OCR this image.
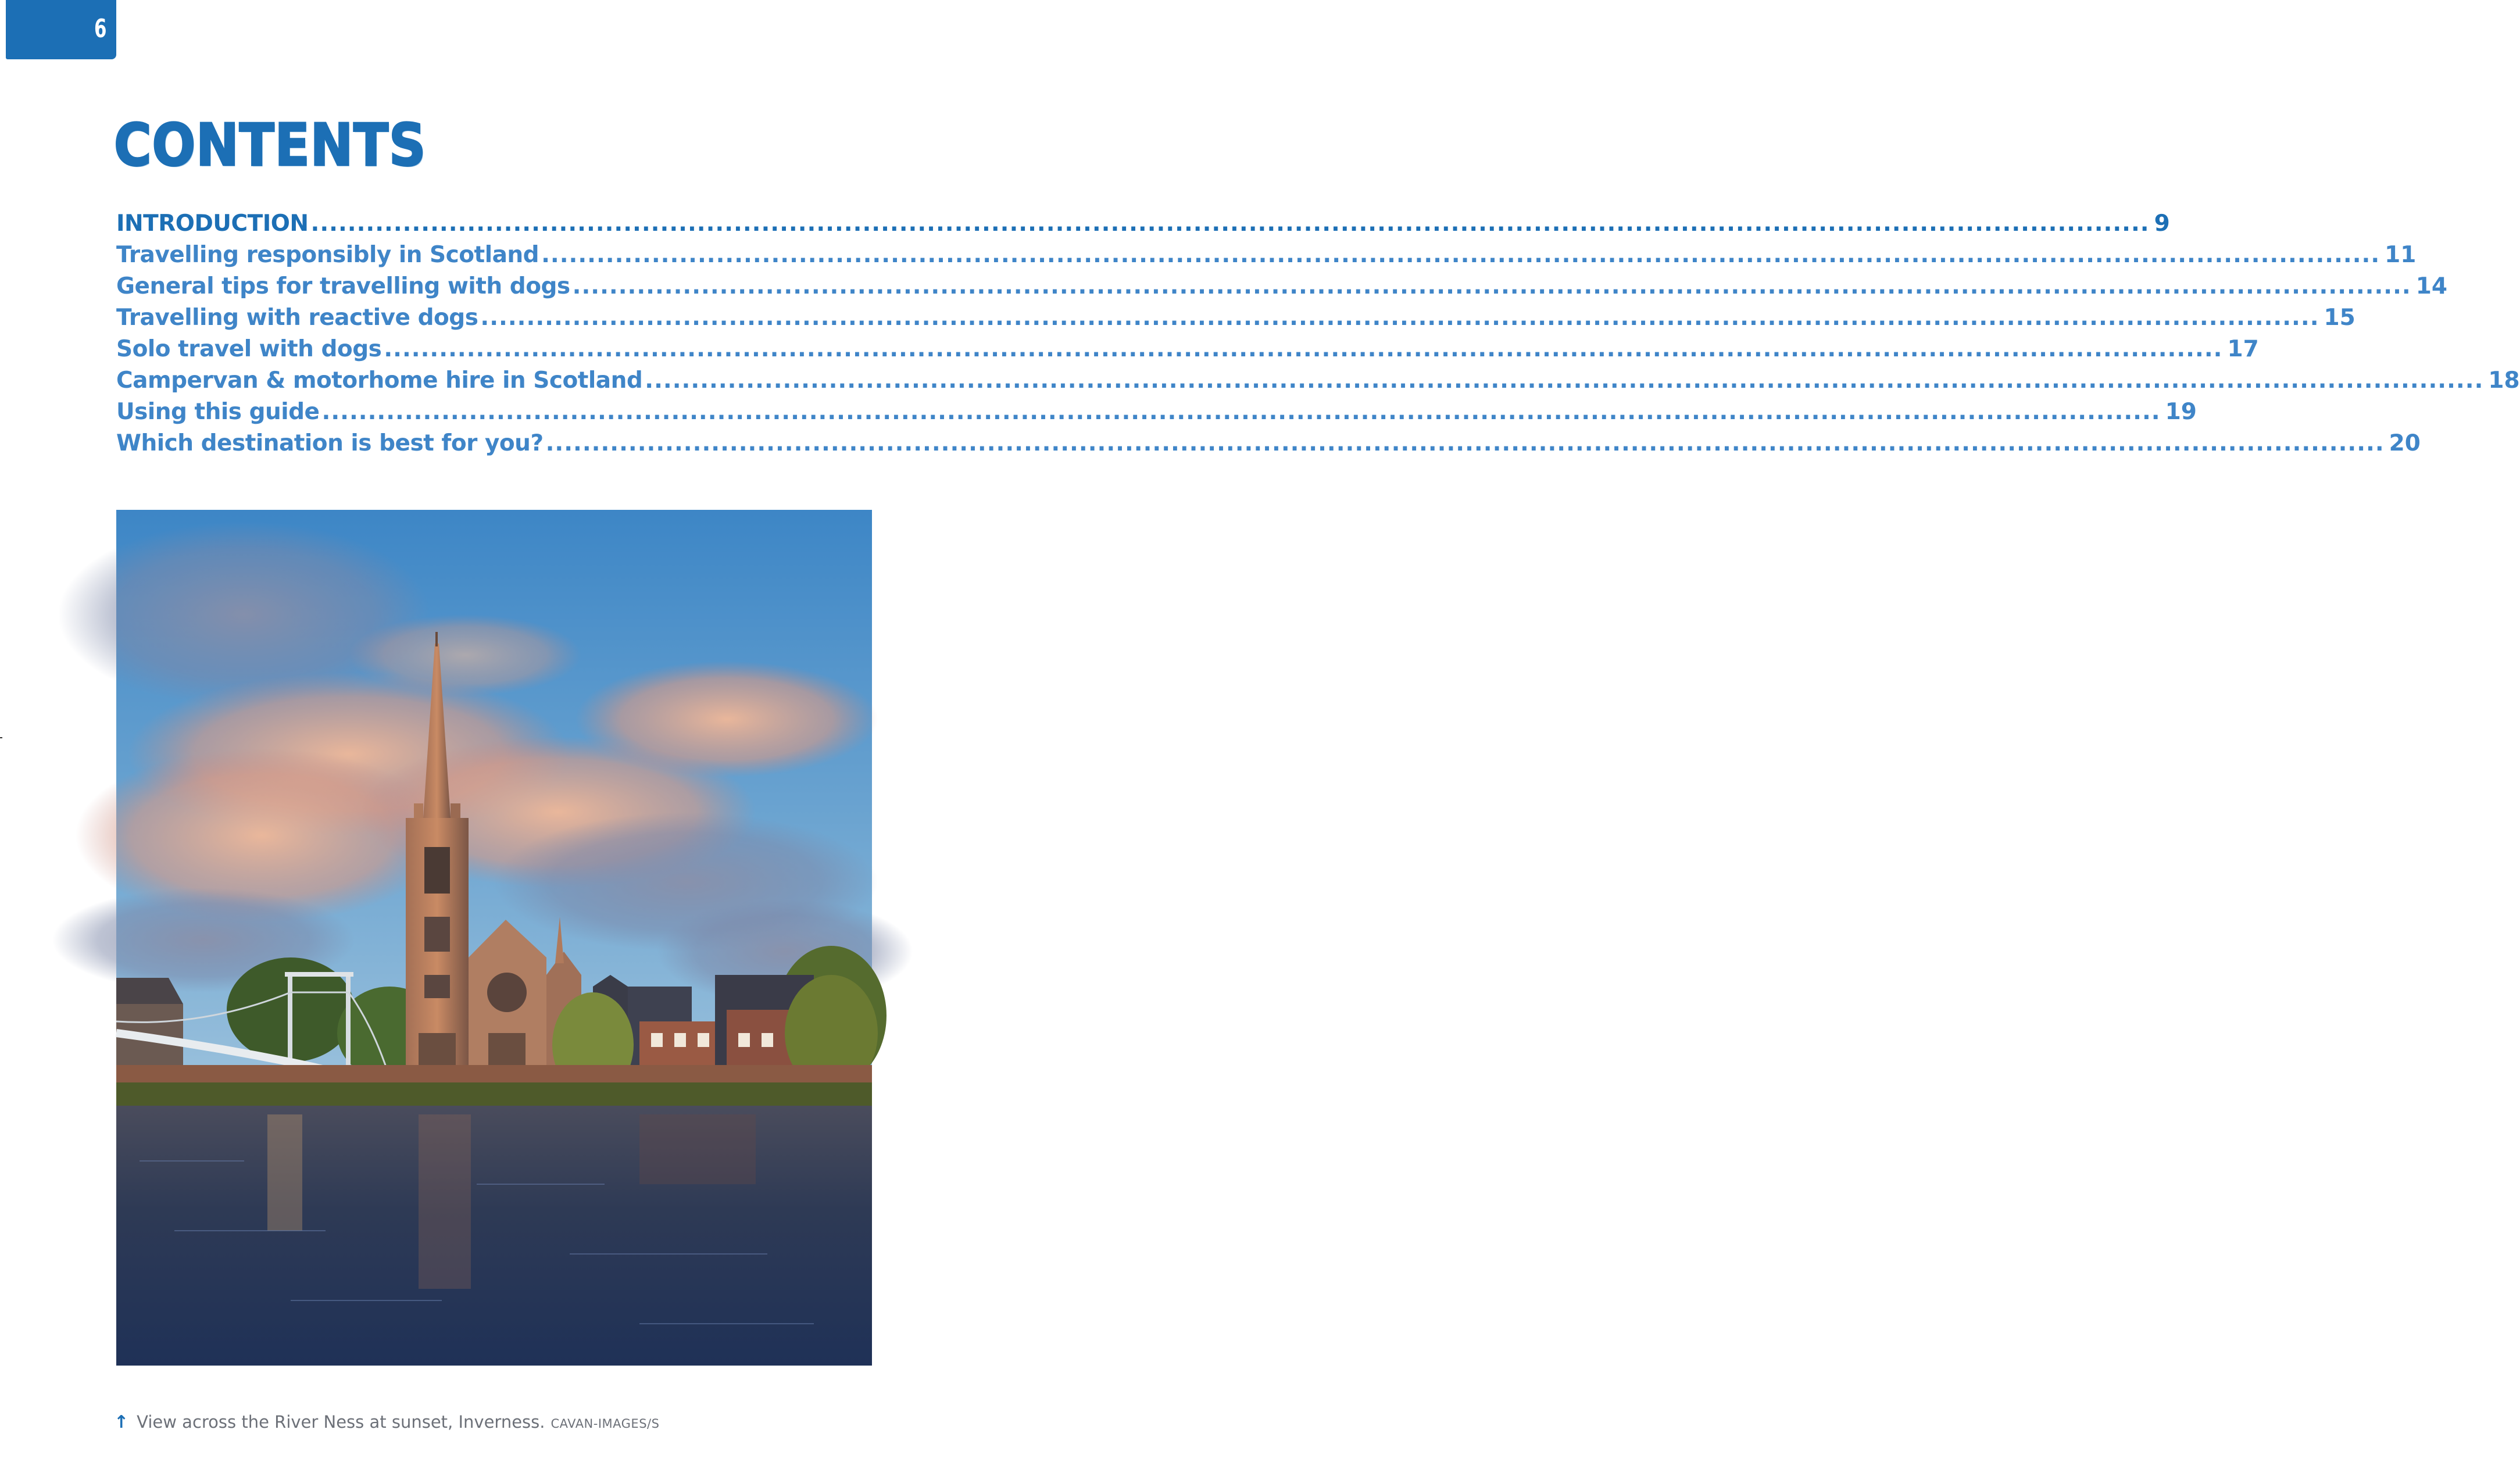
6
CONTENTS
INTRODUCTION ........................................................................................................................................................................................................ 9
Travelling responsibly in Scotland ........................................................................................................................................................................................................ 11
General tips for travelling with dogs ........................................................................................................................................................................................................ 14
Travelling with reactive dogs ........................................................................................................................................................................................................ 15
Solo travel with dogs ........................................................................................................................................................................................................ 17
Campervan & motorhome hire in Scotland ........................................................................................................................................................................................................ 18
Using this guide ........................................................................................................................................................................................................ 19
Which destination is best for you? ........................................................................................................................................................................................................ 20
↑ View across the River Ness at sunset, Inverness. CAVAN-IMAGES/S
